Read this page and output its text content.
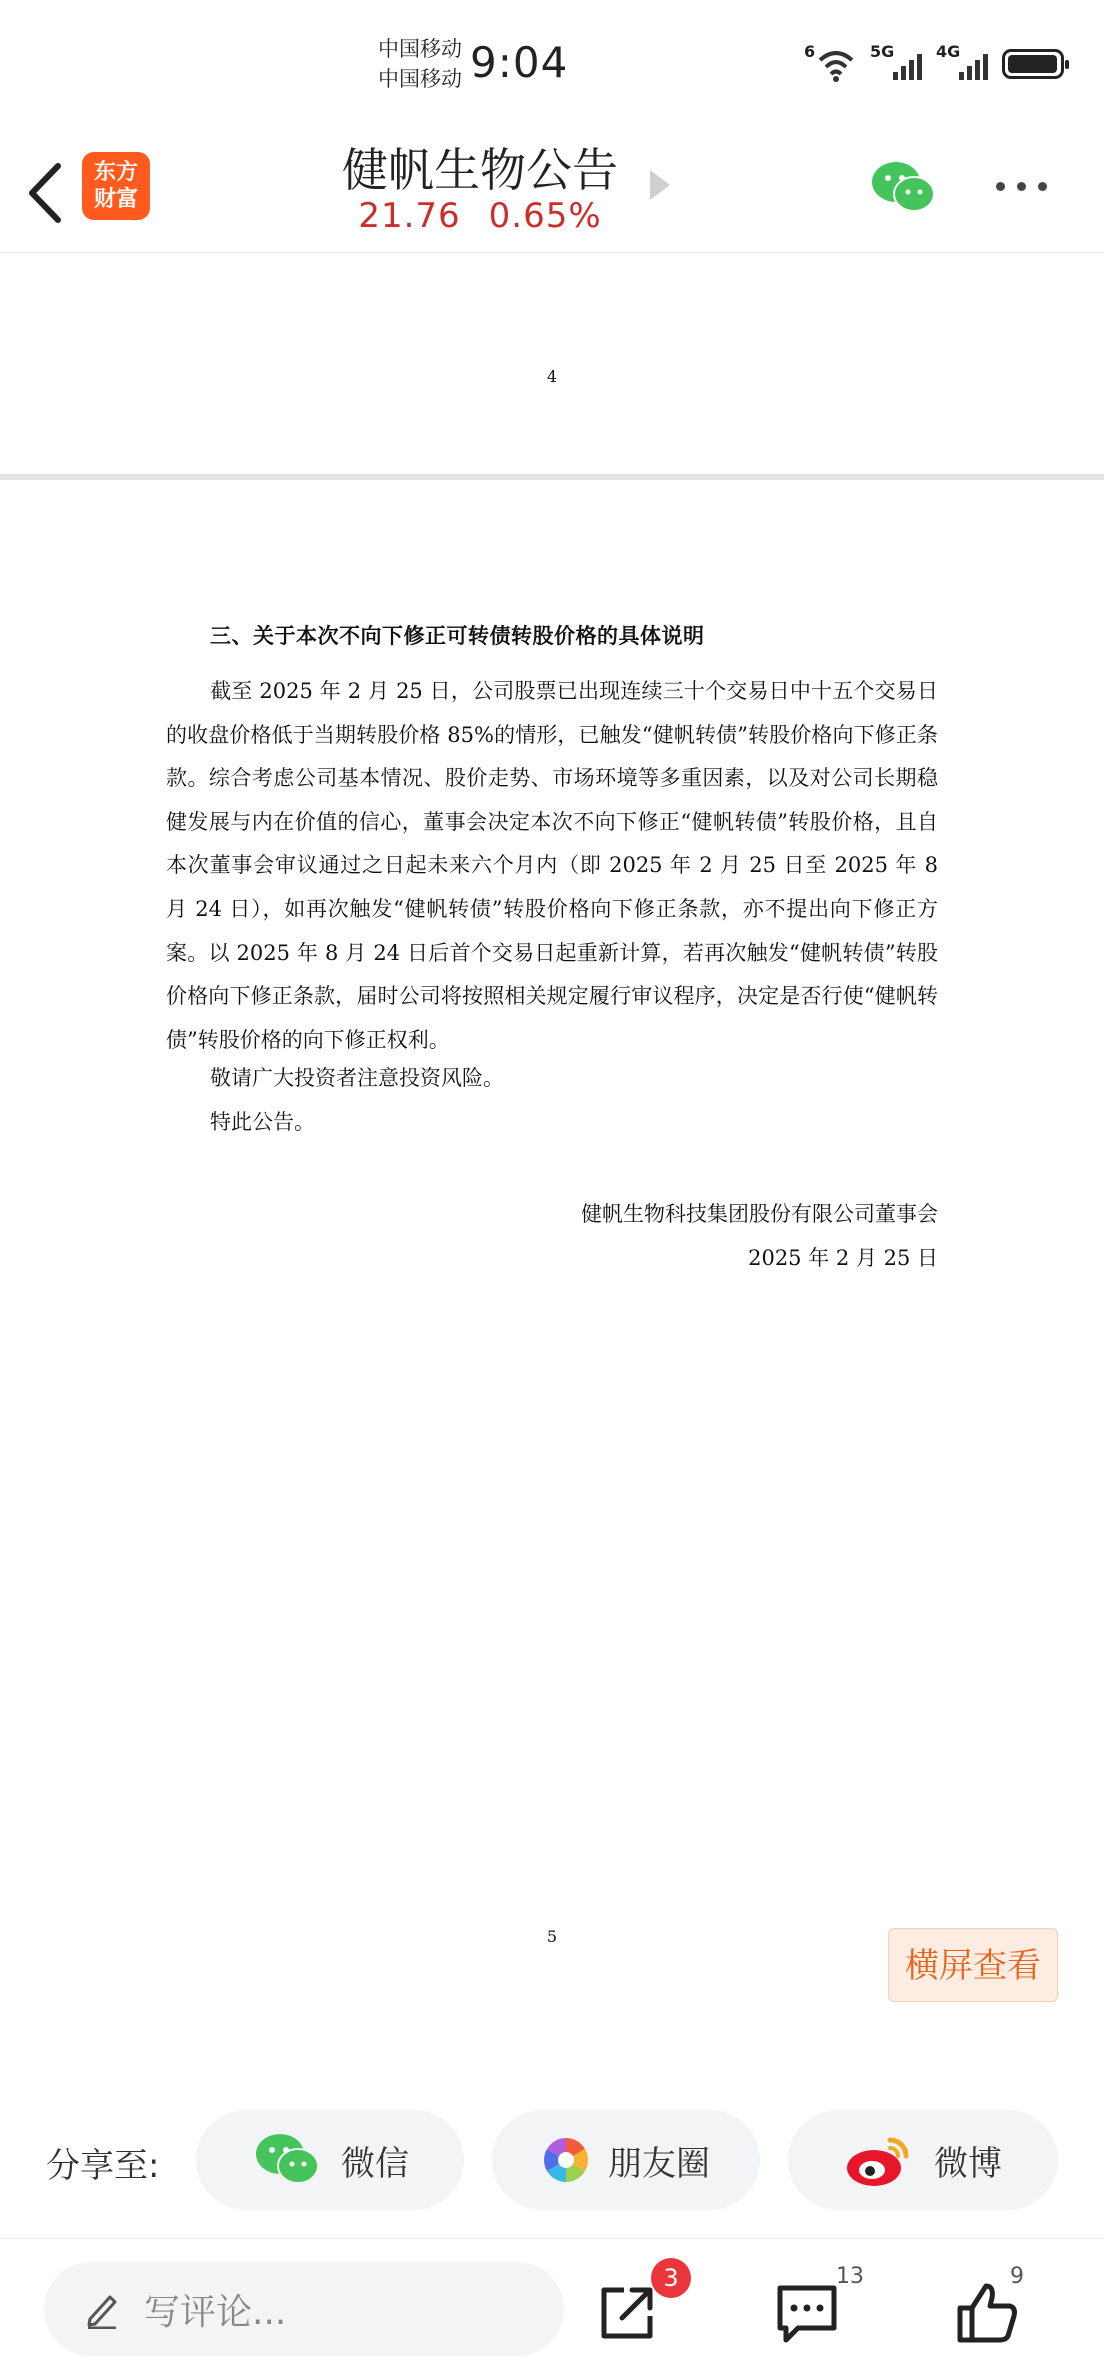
中国移动
中国移动 9:04	6	5G	4G
东方
财富
健帆生物公告
21.76 0.65%
4
三、关于本次不向下修正可转债转股价格的具体说明

截至 2025 年 2 月 25 日，公司股票已出现连续三十个交易日中十五个交易日的收盘价格低于当期转股价格 85%的情形，已触发“健帆转债”转股价格向下修正条款。综合考虑公司基本情况、股价走势、市场环境等多重因素，以及对公司长期稳健发展与内在价值的信心，董事会决定本次不向下修正“健帆转债”转股价格，且自本次董事会审议通过之日起未来六个月内（即 2025 年 2 月 25 日至 2025 年 8 月 24 日），如再次触发“健帆转债”转股价格向下修正条款，亦不提出向下修正方案。以 2025 年 8 月 24 日后首个交易日起重新计算，若再次触发“健帆转债”转股价格向下修正条款，届时公司将按照相关规定履行审议程序，决定是否行使“健帆转债”转股价格的向下修正权利。

敬请广大投资者注意投资风险。
特此公告。
健帆生物科技集团股份有限公司董事会
2025 年 2 月 25 日
5
横屏查看
分享至:	微信	朋友圈	微博
写评论...
3	13	9
